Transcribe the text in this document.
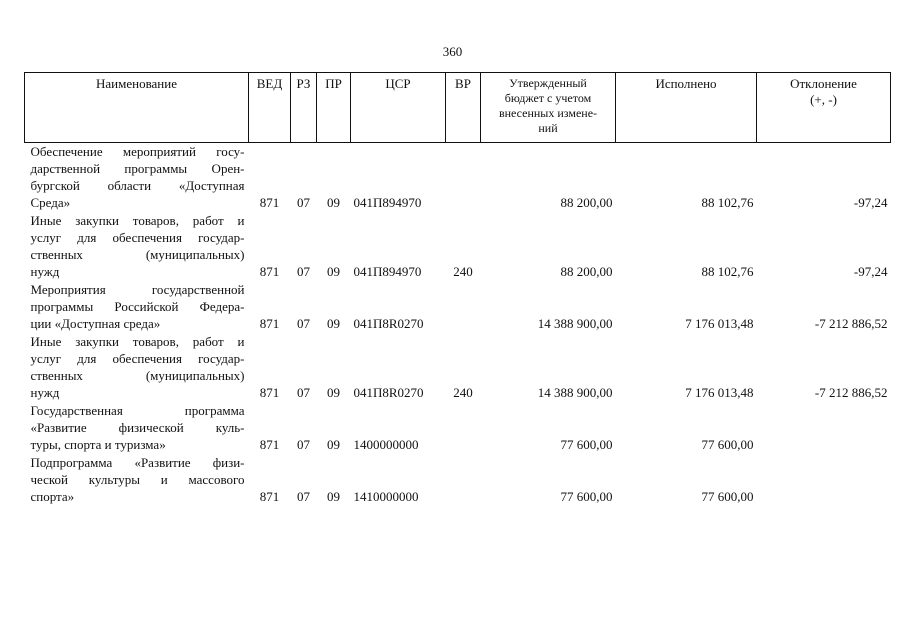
360
Наименование	ВЕД	РЗ	ПР	ЦСР	ВР	Утвержденный
бюджет с учетом
внесенных измене-
ний	Исполнено	Отклонение
(+, -)

Обеспечение мероприятий госу-
дарственной программы Орен-
бургской области «Доступная
Среда»	871	07	09	041П894970		88 200,00	88 102,76	-97,24

Иные закупки товаров, работ и
услуг для обеспечения государ-
ственных (муниципальных)
нужд	871	07	09	041П894970	240	88 200,00	88 102,76	-97,24

Мероприятия государственной
программы Российской Федера-
ции «Доступная среда»	871	07	09	041П8R0270		14 388 900,00	7 176 013,48	-7 212 886,52

Иные закупки товаров, работ и
услуг для обеспечения государ-
ственных (муниципальных)
нужд	871	07	09	041П8R0270	240	14 388 900,00	7 176 013,48	-7 212 886,52

Государственная программа
«Развитие физической куль-
туры, спорта и туризма»	871	07	09	1400000000		77 600,00	77 600,00	

Подпрограмма «Развитие физи-
ческой культуры и массового
спорта»	871	07	09	1410000000		77 600,00	77 600,00	
